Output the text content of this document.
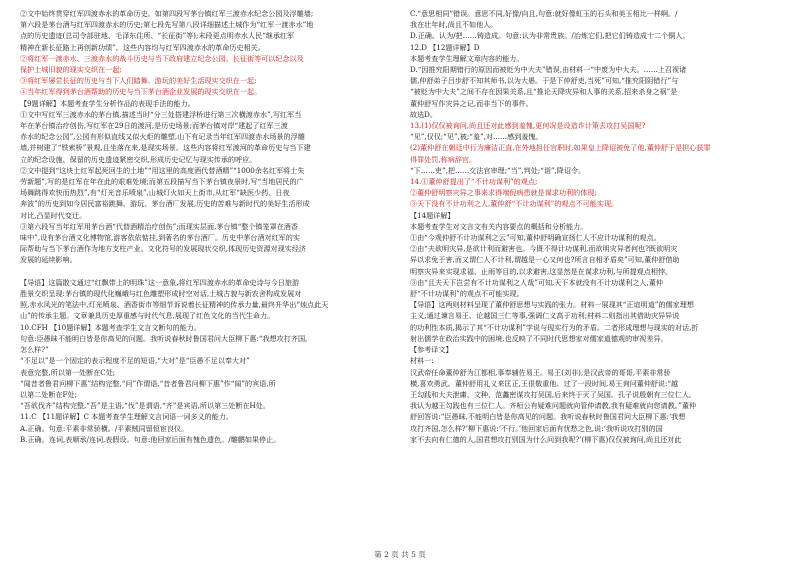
②文中始终贯穿红军四渡赤水的革命历史。如第四段写茅台镇红军三渡赤水纪念公园及浮雕墙;
第六段是茅台酒与红军四渡赤水的历史;第七段先写第八段详细描述土城作为“红军一渡赤水”地
点的历史遗迹(总司令部驻地、毛泽东住所、“长征街”等);末段更点明赤水人民“继承红军
精神在新长征路上再创新功绩”。这些内容均与红军四渡赤水的革命历史相关。
②将红军一渡赤水、三渡赤水的战斗历史与当下政府建立纪念公园、长征街等可以纪念以及
保护土城旧貌的现实交织在一起;
③将红军屡尝长征的历史与当下人们踏舞、游玩的美好生活现实交织在一起;
④当年红军得到茅台酒帮助的历史与当下茅台酒企业发展的现实交织在一起。
【9题详解】本题考查学生分析作品的表现手法的能力。
①文中写红军三渡赤水的茅台镇,描述当时“分三处搭建浮桥进行第三次横渡赤水”,写红军当
年在茅台镇治疗创伤,写红军在29日的渡河,是历史场景;而茅台镇对岸“建起了红军三渡
赤水的纪念公园”,公园有形似直线又似火炬的雕塑,山下有记录当年红军四渡赤水场景的浮雕
墙,并树建了“铁索桥”景观,且坐落在来,是现实场景。这些内容将红军渡河的革命历史与当下建
立的纪念设施、保留的历史遗迹紧密交织,形成历史记忆与现实传承的呼应。
②文中提到“这块土红军起死回生的土地”“用这里的高度酒代替酒精”“1000余名红军将士失
劳新题”,写的是红军在年在此的艰难处境;而第五段描写当下茅台镇夜景时,写“当地居民的广
场舞跳得欢快而热烈”,有“灯光音乐喷泉”,山城灯火如天上街市,从红军“缺医少药、日夜
奔波”的历史到如今居民富裕跳舞、游玩、茅台酒厂发展,历史的苦难与新时代的美好生活形成
对比,凸显时代变迁。
③第六段写当年红军用茅台酒“代替酒精治疗创伤”;而现实层面,茅台镇“整个镇笼罩在酒香
味中”,设有茅台酒文化博物馆,游客依依惦挂,到著名的茅台酒厂。历史中茅台酒对红军的实
际帮助与当下茅台酒作为地方支柱产业、文化符号的发展现状交织,体现历史资源对现实经济
发展的延续影响。

【导语】这篇散文通过“红飘带上的明珠”这一意象,将红军四渡赤水的革命史诗与今日旅游
胜景交织呈现:茅台镇的现代化巍峨与红色雕塑形成时空对话,土城古貌与新农舍构成发展对
照,赤水风光的笔法中,灯光喷泉、酒香街市等细节诉说着长征精神的传承力量,最终升华出“烛点此天
山”的传承主题。文章兼具历史厚重感与时代气息,展现了红色文化的当代生命力。
10.CFH 【10题详解】本题考查学生文言文断句的能力。
句意:臣愚昧不能明白皆是你高见的问题。我听说春秋时鲁国君问大臣柳下惠:“我想攻打齐国,
怎么样?”
“不足以”是一个固定的表示程度不足的短语,“大对”是“臣愚不足以奉大对”
表意完整,所以第一处断在C处;
“闻昔者鲁君问柳下惠”结构完整,“问”作谓语,“昔者鲁君问柳下惠”作“闻”的宾语,所
以第二处断在F处;
“吾欲伐齐”结构完整,“吾”是主语,“伐”是谓语,“齐”是宾语,所以第三处断在H处。
11.C 【11题详解】C 本题考查学生理解文言词语一词多义的能力。
A.正确。句意:平素非常骄横。/平素贼同留恒宦良仪。
B.正确。连词,表顺承/连词,表假设。句意:他回家后面有愧色遗色。/雕鹏如果停止。
C.“意思相同”错误。意思不同,好像/向且,句意:就好像虹玉的石头和美玉相比一样啊。/
我在壮年时,尚且不如他人。
D.正确。认为/把……铸造成。句意:认为非常贵族。/冶炼它们,把它们铸造成十二个铜人。
12.D 【12题详解】D
本题考查学生理解文章内容的能力。
D.“因推究阳期错行的原因而被贬为中大夫”错误,由材料一“中废为中大夫。……上召视诸
儒,仲舒弟子吕步舒不知其师书,以为大愚。于是下仲舒吏,当死”可知,“推究阳阴错行”与
“被贬为中大夫”之间不存在因果关系,且“推论天降灾异和人事的关系,招来杀身之祸”是
董仲舒写作灾异之记,而非当下的事件。
故选D。
13.(1)仅仅被询问,尚且还对此感到羞愧,更何况是设造诈计策去攻打吴国呢?
“见”,仅仅;“见”,被;“羞”,对……感到羞愧。
(2)董仲舒在朝廷中行为廉洁正直,在外地担任官职时,如果皇上降诏被免了他,董仲舒于是担心获罪
得罪处罚,称病辞官。
“下……吏”,把……交法官审理;“当”,判处;“诣”,降诏令。
14.①董仲舒提出了“不计功谋利”的观点;
②董仲舒明察灾异之事来求得端倪病患就是谋求功利的体现;
③天下没有不计功利之人,董仲舒“不计功谋利”的观点不可能实现。
【14题详解】
本题考查学生对文言文有关内容要点的概括和分析能力。
①由“今观仲舒不计功谋利之云”可知,董仲舒明确宣扬仁人不应计功谋利的观点。
②由“夫欲明灾异,是欲计利而避害也。今既不得计功谋利,而欲明灾异者何也?既欲明灾
异以求免于害,而又谓仁人不计利,谓越是一心又何也?所言自相矛盾矣”可知,董仲舒借助
明察灾异来实现求福、止雨等目的,以求避害,这显然是在谋求功利,与所提观点相悖。
③由“且夫天下岂尝有不计功谋利之人哉”可知,天下本就没有不计功谋利之人,董仲
舒“不计功谋利”的观点不可能实现。
【导语】这两则材料呈现了董仲舒思想与实践的张力。材料一展现其“正谊明道”的儒家理想
主义,通过谏言易王、论越国三仁等事,强调仁义高于功利;材料二则指出其借助灾异异说
的功利性本质,揭示了其“不计功谋利”学说与现实行为的矛盾。二者形成理想与现实的对话,折
射出儒学在政治实践中的困境,也反映了不同时代思想家对儒家道德观的审视差异。
【参考译文】
材料一:
汉武帝任命董仲舒为江都相,事奉辅佐易王。易王(刘非),是汉武帝的哥哥,平素非常骄
横,喜欢勇武。董仲舒用礼义来匡正,王很敬重他。过了一段时间,易王询问董仲舒说:“越
王勾践和大夫泄庸、文种、范蠡密谋攻打吴国,后来终于灭了吴国。孔子说殷朝有三位仁人,
我认为越王勾践也有三位仁人。齐桓公有疑难问题就向管仲请教,我有疑难就向您请教。”董仲
舒回答说:“臣愚昧,不能明白皆是你高见的问题。我听说春秋时鲁国君问大臣柳下惠:‘我想
攻打齐国,怎么样?’柳下惠说:‘不行。’他回家后面有忧愁之色,说:‘我听说攻打别的国
家不去向有仁德的人,国君想攻打别国为什么问到我呢?’(柳下惠)仅仅被询问,尚且还对此
第 2 页 共 5 页
